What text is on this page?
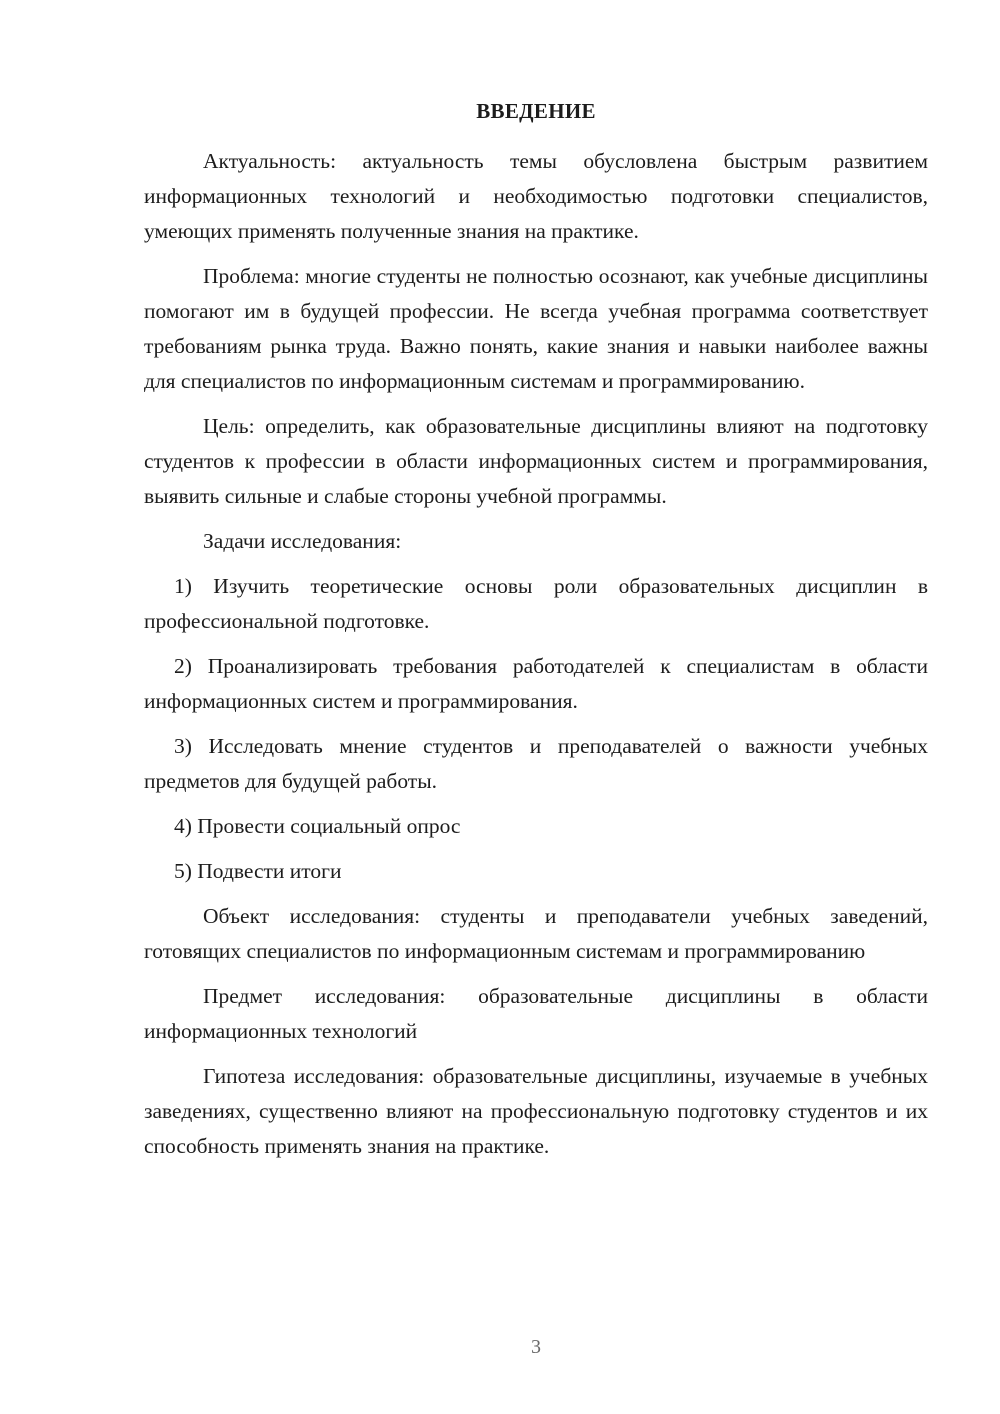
ВВЕДЕНИЕ

Актуальность: актуальность темы обусловлена быстрым развитием информационных технологий и необходимостью подготовки специалистов, умеющих применять полученные знания на практике.

Проблема: многие студенты не полностью осознают, как учебные дисциплины помогают им в будущей профессии. Не всегда учебная программа соответствует требованиям рынка труда. Важно понять, какие знания и навыки наиболее важны для специалистов по информационным системам и программированию.

Цель: определить, как образовательные дисциплины влияют на подготовку студентов к профессии в области информационных систем и программирования, выявить сильные и слабые стороны учебной программы.

Задачи исследования:

1) Изучить теоретические основы роли образовательных дисциплин в профессиональной подготовке.

2) Проанализировать требования работодателей к специалистам в области информационных систем и программирования.

3) Исследовать мнение студентов и преподавателей о важности учебных предметов для будущей работы.

4) Провести социальный опрос

5) Подвести итоги

Объект исследования: студенты и преподаватели учебных заведений, готовящих специалистов по информационным системам и программированию

Предмет исследования: образовательные дисциплины в области информационных технологий

Гипотеза исследования: образовательные дисциплины, изучаемые в учебных заведениях, существенно влияют на профессиональную подготовку студентов и их способность применять знания на практике.

3
